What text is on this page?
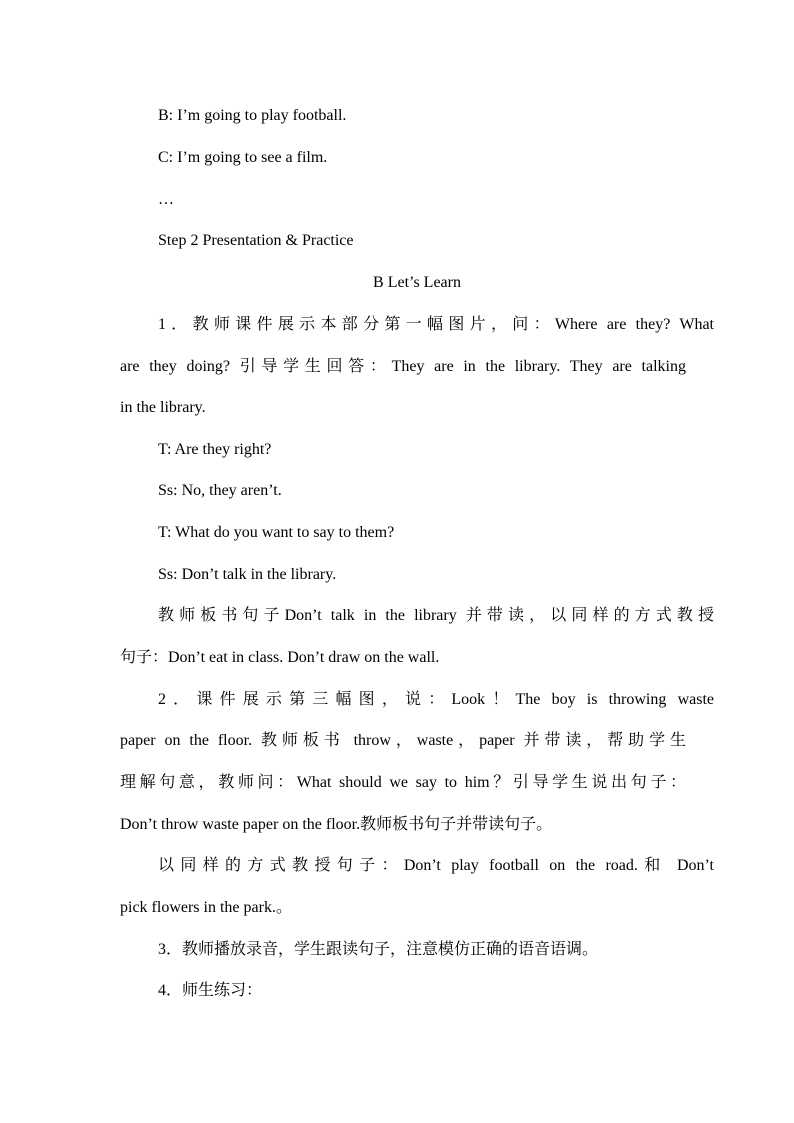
B: I’m going to play football.
C: I’m going to see a film.
…
Step 2 Presentation & Practice
B Let’s Learn
1．教师课件展示本部分第一幅图片，问：Where are they? What
are they doing? 引导学生回答：They are in the library. They are talking
in the library.
T: Are they right?
Ss: No, they aren’t.
T: What do you want to say to them?
Ss: Don’t talk in the library.
教师板书句子Don’t talk in the library 并带读，以同样的方式教授
句子：Don’t eat in class. Don’t draw on the wall.
2．课件展示第三幅图，说：Look！The boy is throwing waste
paper on the floor. 教师板书 throw，waste，paper 并带读，帮助学生
理解句意，教师问：What should we say to him？引导学生说出句子：
Don’t throw waste paper on the floor.教师板书句子并带读句子。
以同样的方式教授句子：Don’t play football on the road.和 Don’t
pick flowers in the park.。
3．教师播放录音，学生跟读句子，注意模仿正确的语音语调。
4．师生练习：
